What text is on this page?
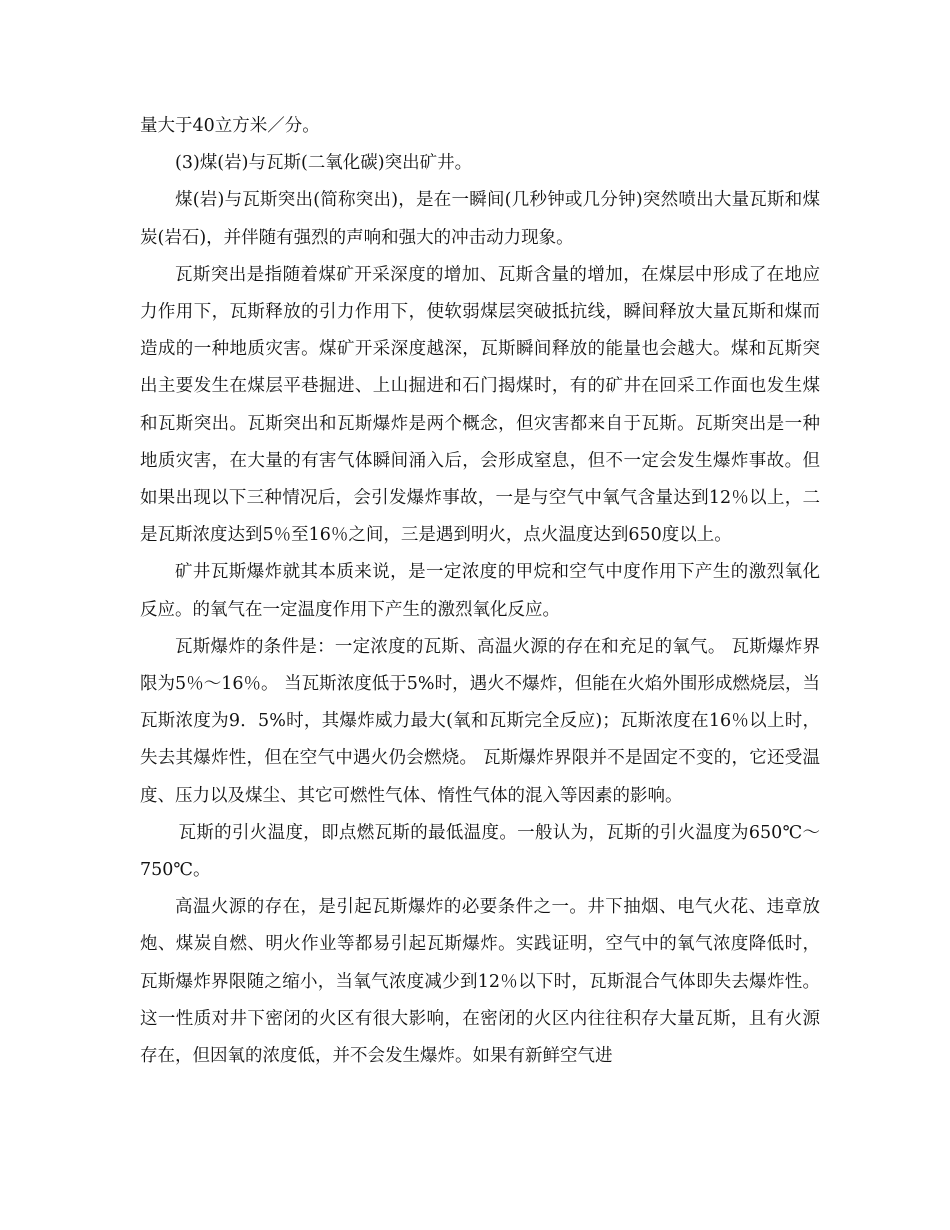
量大于40立方米／分。

(3)煤(岩)与瓦斯(二氧化碳)突出矿井。

煤(岩)与瓦斯突出(简称突出)，是在一瞬间(几秒钟或几分钟)突然喷出大量瓦斯和煤炭(岩石)，并伴随有强烈的声响和强大的冲击动力现象。

瓦斯突出是指随着煤矿开采深度的增加、瓦斯含量的增加，在煤层中形成了在地应力作用下，瓦斯释放的引力作用下，使软弱煤层突破抵抗线，瞬间释放大量瓦斯和煤而造成的一种地质灾害。煤矿开采深度越深，瓦斯瞬间释放的能量也会越大。煤和瓦斯突出主要发生在煤层平巷掘进、上山掘进和石门揭煤时，有的矿井在回采工作面也发生煤和瓦斯突出。瓦斯突出和瓦斯爆炸是两个概念，但灾害都来自于瓦斯。瓦斯突出是一种地质灾害，在大量的有害气体瞬间涌入后，会形成窒息，但不一定会发生爆炸事故。但如果出现以下三种情况后，会引发爆炸事故，一是与空气中氧气含量达到12％以上，二是瓦斯浓度达到5％至16％之间，三是遇到明火，点火温度达到650度以上。

矿井瓦斯爆炸就其本质来说，是一定浓度的甲烷和空气中度作用下产生的激烈氧化反应。的氧气在一定温度作用下产生的激烈氧化反应。

瓦斯爆炸的条件是：一定浓度的瓦斯、高温火源的存在和充足的氧气。 瓦斯爆炸界限为5％～16％。 当瓦斯浓度低于5%时，遇火不爆炸，但能在火焰外围形成燃烧层，当瓦斯浓度为9．5%时，其爆炸威力最大(氧和瓦斯完全反应)；瓦斯浓度在16％以上时，失去其爆炸性，但在空气中遇火仍会燃烧。 瓦斯爆炸界限并不是固定不变的，它还受温度、压力以及煤尘、其它可燃性气体、惰性气体的混入等因素的影响。

瓦斯的引火温度，即点燃瓦斯的最低温度。一般认为，瓦斯的引火温度为650℃～750℃。

高温火源的存在，是引起瓦斯爆炸的必要条件之一。井下抽烟、电气火花、违章放炮、煤炭自燃、明火作业等都易引起瓦斯爆炸。实践证明，空气中的氧气浓度降低时，瓦斯爆炸界限随之缩小，当氧气浓度减少到12％以下时，瓦斯混合气体即失去爆炸性。这一性质对井下密闭的火区有很大影响，在密闭的火区内往往积存大量瓦斯，且有火源存在，但因氧的浓度低，并不会发生爆炸。如果有新鲜空气进
